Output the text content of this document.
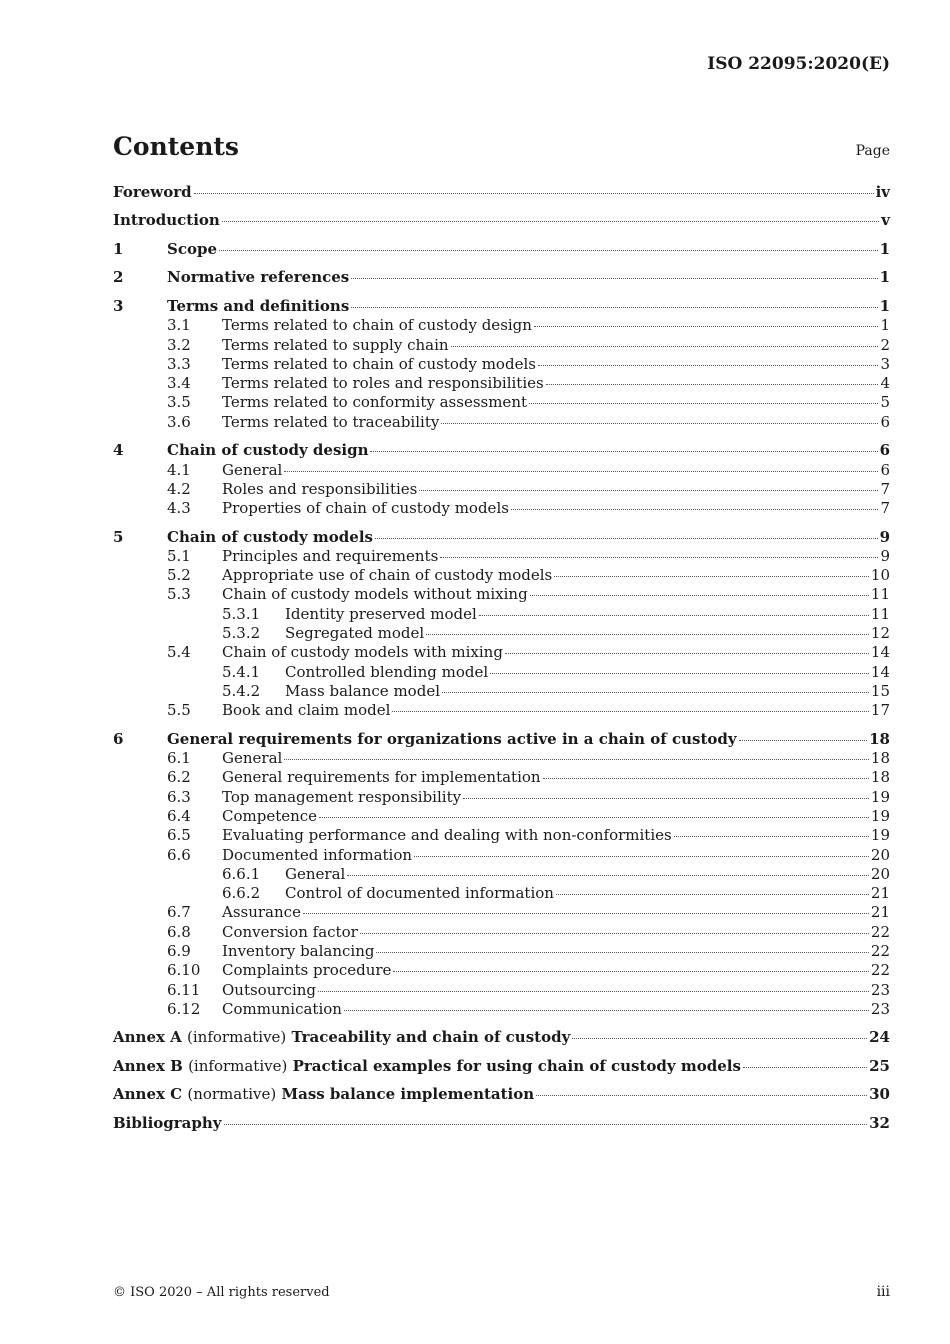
ISO 22095:2020(E)
Contents	Page
Foreword	iv
Introduction	v
1	Scope	1
2	Normative references	1
3	Terms and definitions	1
3.1	Terms related to chain of custody design	1
3.2	Terms related to supply chain	2
3.3	Terms related to chain of custody models	3
3.4	Terms related to roles and responsibilities	4
3.5	Terms related to conformity assessment	5
3.6	Terms related to traceability	6
4	Chain of custody design	6
4.1	General	6
4.2	Roles and responsibilities	7
4.3	Properties of chain of custody models	7
5	Chain of custody models	9
5.1	Principles and requirements	9
5.2	Appropriate use of chain of custody models	10
5.3	Chain of custody models without mixing	11
5.3.1	Identity preserved model	11
5.3.2	Segregated model	12
5.4	Chain of custody models with mixing	14
5.4.1	Controlled blending model	14
5.4.2	Mass balance model	15
5.5	Book and claim model	17
6	General requirements for organizations active in a chain of custody	18
6.1	General	18
6.2	General requirements for implementation	18
6.3	Top management responsibility	19
6.4	Competence	19
6.5	Evaluating performance and dealing with non-conformities	19
6.6	Documented information	20
6.6.1	General	20
6.6.2	Control of documented information	21
6.7	Assurance	21
6.8	Conversion factor	22
6.9	Inventory balancing	22
6.10	Complaints procedure	22
6.11	Outsourcing	23
6.12	Communication	23
Annex A (informative) Traceability and chain of custody	24
Annex B (informative) Practical examples for using chain of custody models	25
Annex C (normative) Mass balance implementation	30
Bibliography	32
© ISO 2020 – All rights reserved	iii
